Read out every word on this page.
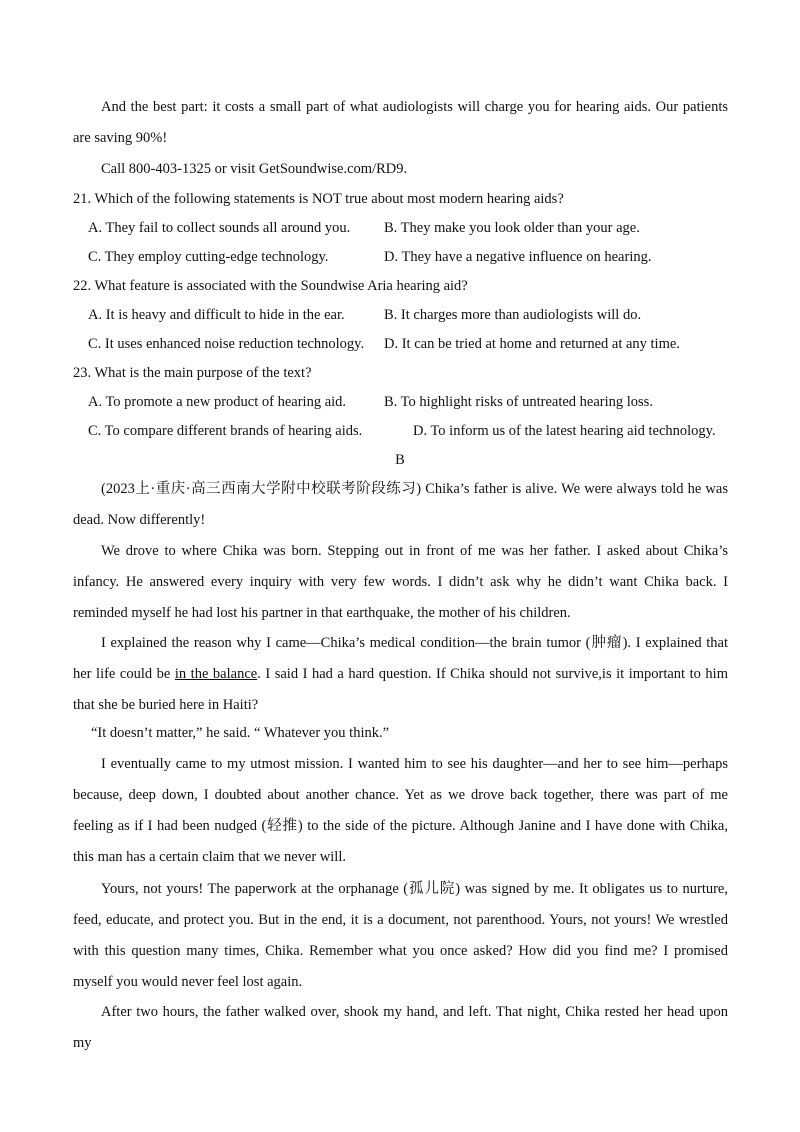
And the best part: it costs a small part of what audiologists will charge you for hearing aids. Our patients are saving 90%!

Call 800-403-1325 or visit GetSoundwise.com/RD9.

21. Which of the following statements is NOT true about most modern hearing aids?
A. They fail to collect sounds all around you. B. They make you look older than your age.
C. They employ cutting-edge technology.	D. They have a negative influence on hearing.
22. What feature is associated with the Soundwise Aria hearing aid?
A. It is heavy and difficult to hide in the ear.	B. It charges more than audiologists will do.
C. It uses enhanced noise reduction technology. D. It can be tried at home and returned at any time.
23. What is the main purpose of the text?
A. To promote a new product of hearing aid.	B. To highlight risks of untreated hearing loss.
C. To compare different brands of hearing aids.	D. To inform us of the latest hearing aid technology.
B

(2023上·重庆·高三西南大学附中校联考阶段练习) Chika’s father is alive. We were always told he was dead. Now differently!

We drove to where Chika was born. Stepping out in front of me was her father. I asked about Chika’s infancy. He answered every inquiry with very few words. I didn’t ask why he didn’t want Chika back. I reminded myself he had lost his partner in that earthquake, the mother of his children.

I explained the reason why I came—Chika’s medical condition—the brain tumor (肿瘤). I explained that her life could be in the balance. I said I had a hard question. If Chika should not survive,is it important to him that she be buried here in Haiti?

“It doesn’t matter,” he said. “ Whatever you think.”

I eventually came to my utmost mission. I wanted him to see his daughter—and her to see him—perhaps because, deep down, I doubted about another chance. Yet as we drove back together, there was part of me feeling as if I had been nudged (轻推) to the side of the picture. Although Janine and I have done with Chika, this man has a certain claim that we never will.

Yours, not yours! The paperwork at the orphanage (孤儿院) was signed by me. It obligates us to nurture, feed, educate, and protect you. But in the end, it is a document, not parenthood. Yours, not yours! We wrestled with this question many times, Chika. Remember what you once asked? How did you find me? I promised myself you would never feel lost again.

After two hours, the father walked over, shook my hand, and left. That night, Chika rested her head upon my
